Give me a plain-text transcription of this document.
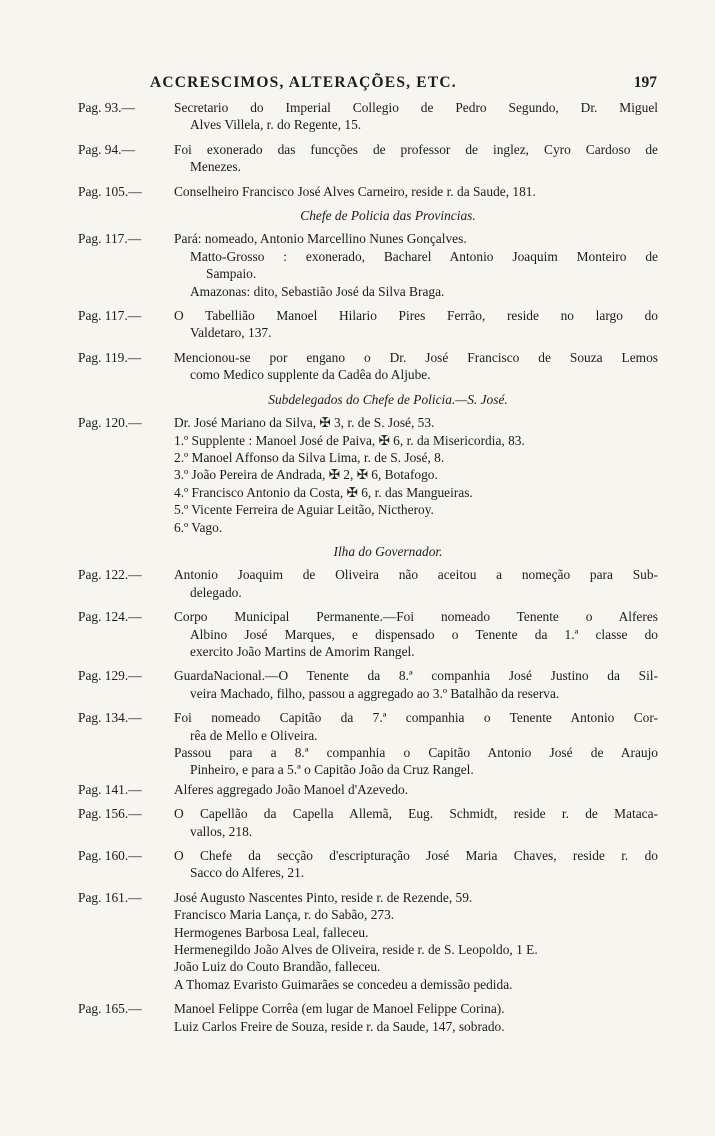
ACCRESCIMOS, ALTERAÇÕES, ETC.	197
Pag. 93.—	Secretario do Imperial Collegio de Pedro Segundo, Dr. Miguel
Alves Villela, r. do Regente, 15.
Pag. 94.—	Foi exonerado das funcções de professor de inglez, Cyro Cardoso de
Menezes.
Pag. 105.— Conselheiro Francisco José Alves Carneiro, reside r. da Saude, 181.
Chefe de Policia das Provincias.
Pag. 117.— Pará: nomeado, Antonio Marcellino Nunes Gonçalves.
Matto-Grosso : exonerado, Bacharel Antonio Joaquim Monteiro de
Sampaio.
Amazonas: dito, Sebastião José da Silva Braga.
Pag. 117.— O Tabellião Manoel Hilario Pires Ferrão, reside no largo do
Valdetaro, 137.
Pag. 119.— Mencionou-se por engano o Dr. José Francisco de Souza Lemos
como Medico supplente da Cadêa do Aljube.
Subdelegados do Chefe de Policia.—S. José.
Pag. 120.— Dr. José Mariano da Silva, ✠ 3, r. de S. José, 53.
1.º Supplente : Manoel José de Paiva, ✠ 6, r. da Misericordia, 83.
2.º Manoel Affonso da Silva Lima, r. de S. José, 8.
3.º João Pereira de Andrada, ✠ 2, ✠ 6, Botafogo.
4.º Francisco Antonio da Costa, ✠ 6, r. das Mangueiras.
5.º Vicente Ferreira de Aguiar Leitão, Nictheroy.
6.º Vago.
Ilha do Governador.
Pag. 122.— Antonio Joaquim de Oliveira não aceitou a nomeção para Sub-
delegado.
Pag. 124.— Corpo Municipal Permanente.—Foi nomeado Tenente o Alferes
Albino José Marques, e dispensado o Tenente da 1.ª classe do
exercito João Martins de Amorim Rangel.
Pag. 129.— GuardaNacional.—O Tenente da 8.ª companhia José Justino da Sil-
veira Machado, filho, passou a aggregado ao 3.º Batalhão da reserva.
Pag. 134.— Foi nomeado Capitão da 7.ª companhia o Tenente Antonio Cor-
rêa de Mello e Oliveira.
Passou para a 8.ª companhia o Capitão Antonio José de Araujo
Pinheiro, e para a 5.ª o Capitão João da Cruz Rangel.
Pag. 141.— Alferes aggregado João Manoel d'Azevedo.
Pag. 156.— O Capellão da Capella Allemã, Eug. Schmidt, reside r. de Mataca-
vallos, 218.
Pag. 160.— O Chefe da secção d'escripturação José Maria Chaves, reside r. do
Sacco do Alferes, 21.
Pag. 161.— José Augusto Nascentes Pinto, reside r. de Rezende, 59.
Francisco Maria Lança, r. do Sabão, 273.
Hermogenes Barbosa Leal, falleceu.
Hermenegildo João Alves de Oliveira, reside r. de S. Leopoldo, 1 E.
João Luiz do Couto Brandão, falleceu.
A Thomaz Evaristo Guimarães se concedeu a demissão pedida.
Pag. 165.— Manoel Felippe Corrêa (em lugar de Manoel Felippe Corina).
Luiz Carlos Freire de Souza, reside r. da Saude, 147, sobrado.
